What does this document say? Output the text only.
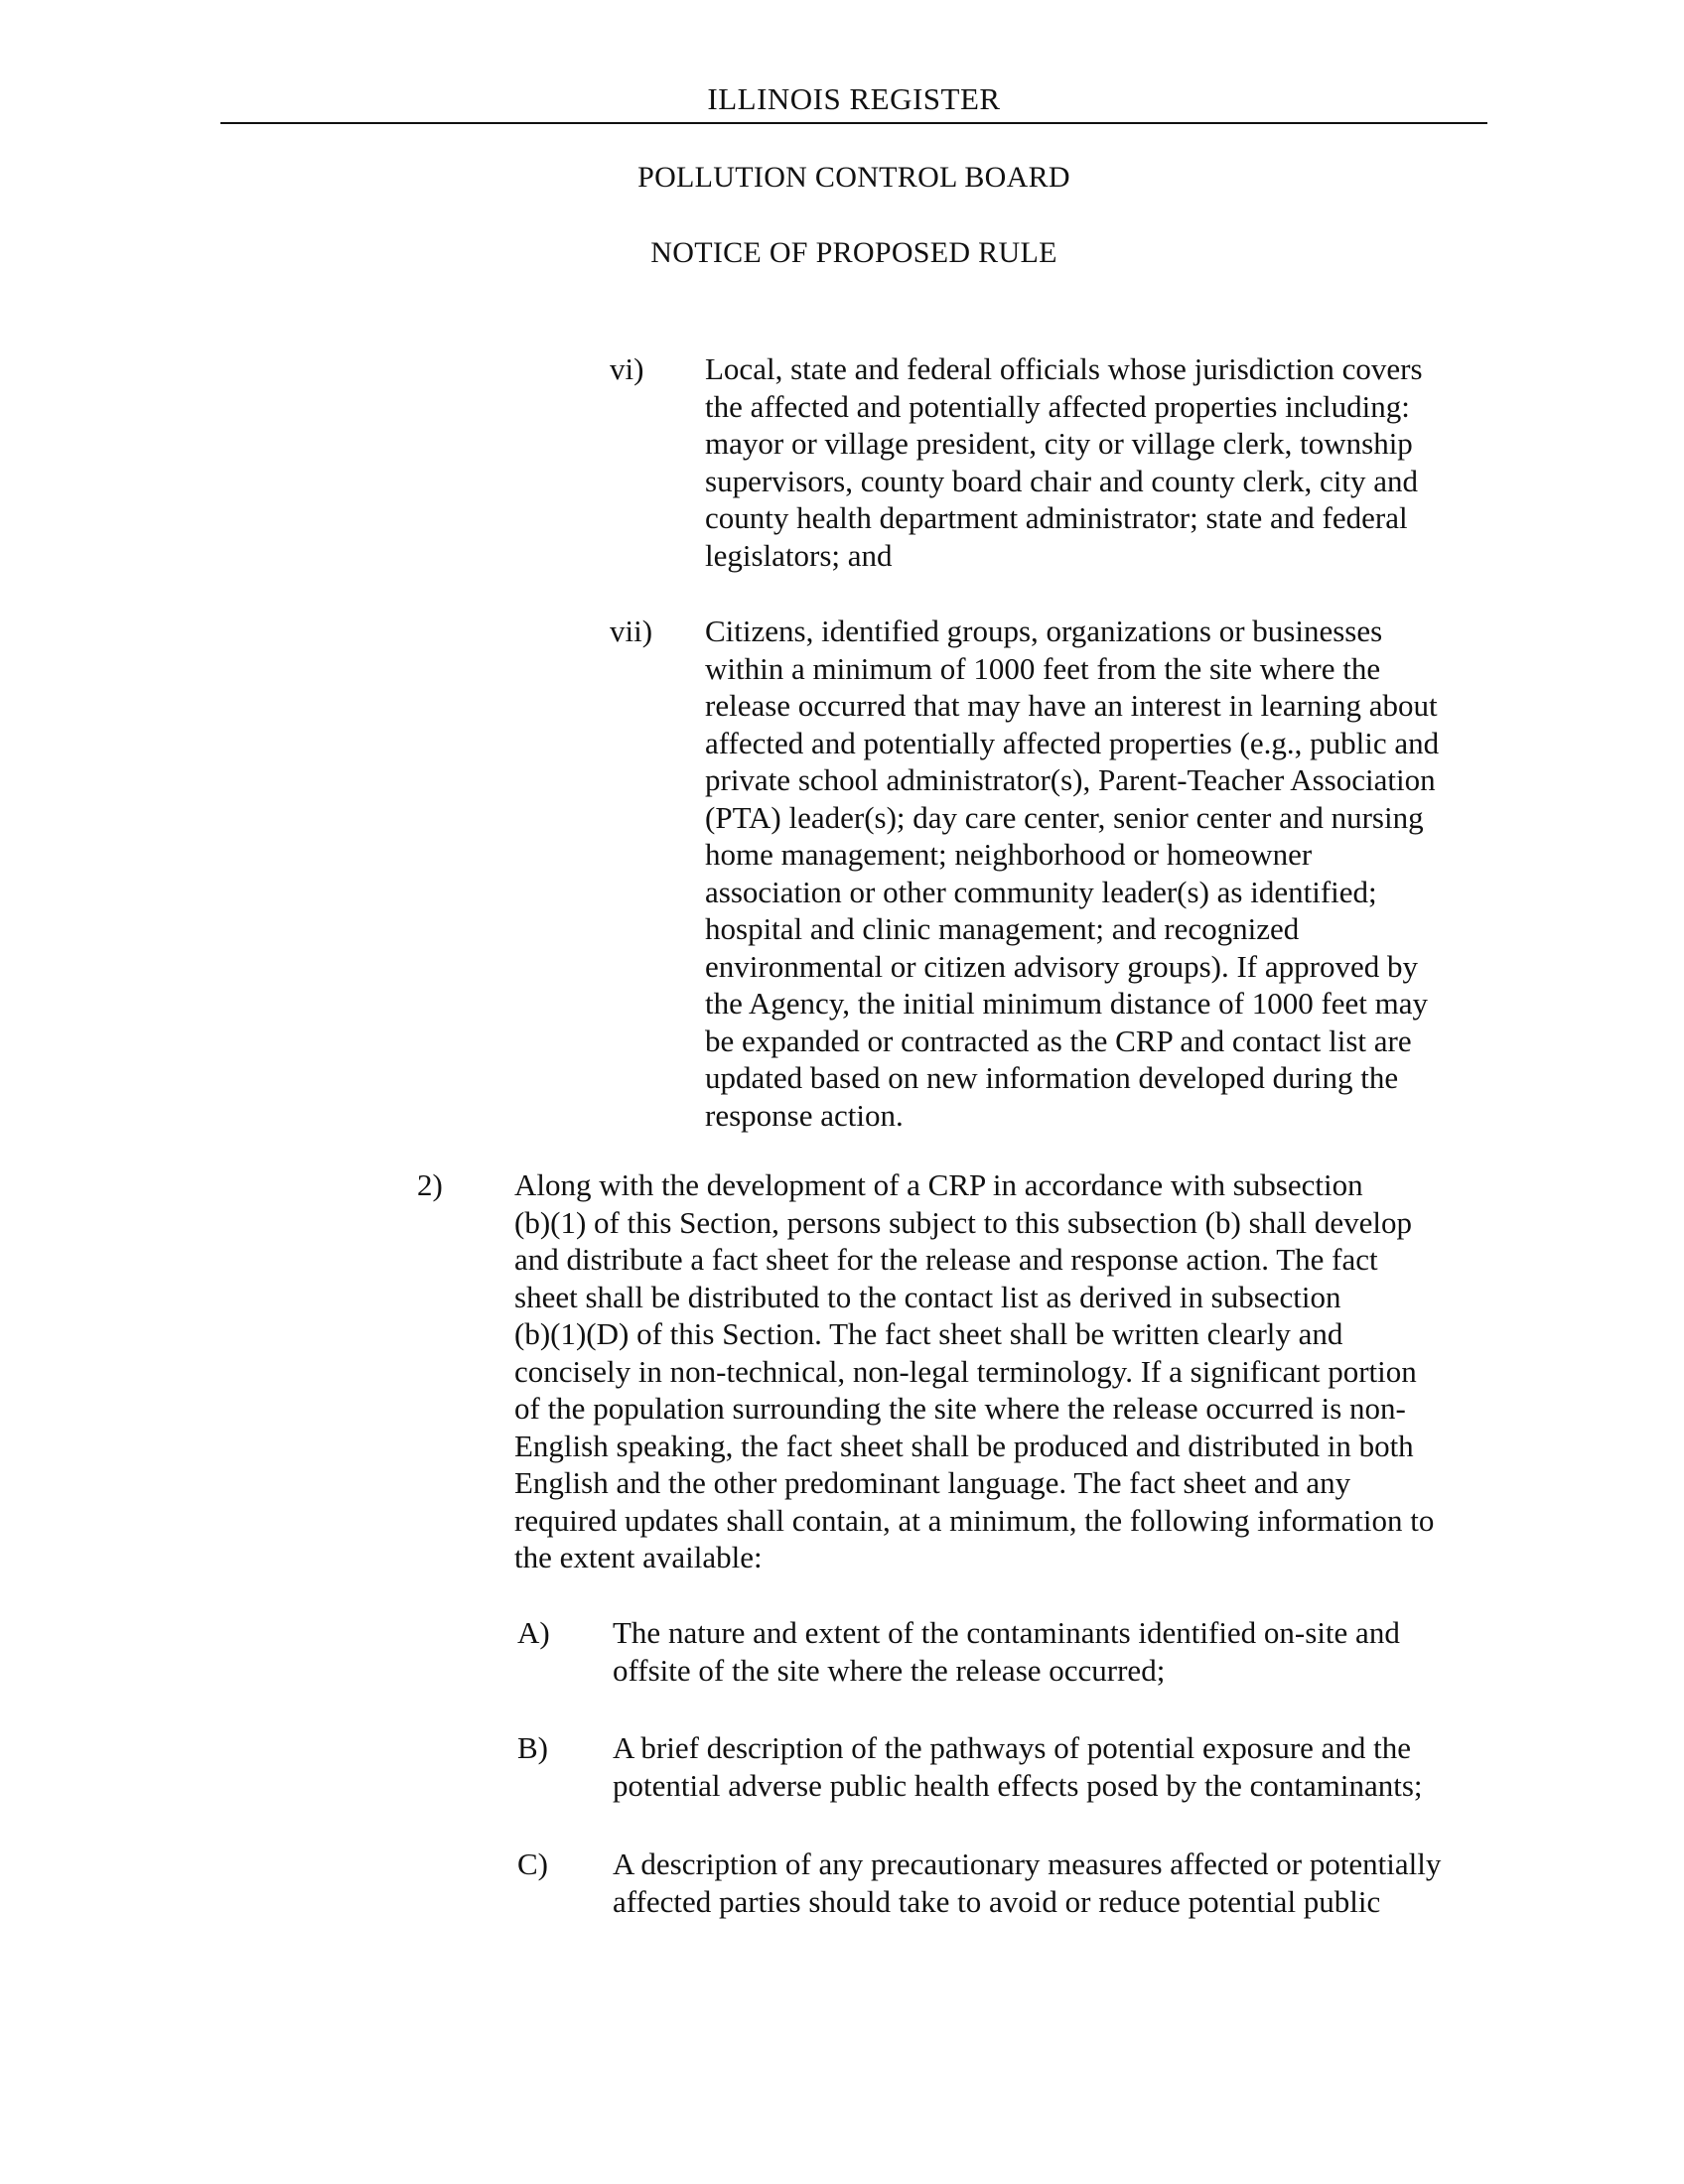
ILLINOIS REGISTER
POLLUTION CONTROL BOARD
NOTICE OF PROPOSED RULE
vi) Local, state and federal officials whose jurisdiction covers
the affected and potentially affected properties including:
mayor or village president, city or village clerk, township
supervisors, county board chair and county clerk, city and
county health department administrator; state and federal
legislators; and
vii) Citizens, identified groups, organizations or businesses
within a minimum of 1000 feet from the site where the
release occurred that may have an interest in learning about
affected and potentially affected properties (e.g., public and
private school administrator(s), Parent-Teacher Association
(PTA) leader(s); day care center, senior center and nursing
home management; neighborhood or homeowner
association or other community leader(s) as identified;
hospital and clinic management; and recognized
environmental or citizen advisory groups). If approved by
the Agency, the initial minimum distance of 1000 feet may
be expanded or contracted as the CRP and contact list are
updated based on new information developed during the
response action.
2) Along with the development of a CRP in accordance with subsection
(b)(1) of this Section, persons subject to this subsection (b) shall develop
and distribute a fact sheet for the release and response action. The fact
sheet shall be distributed to the contact list as derived in subsection
(b)(1)(D) of this Section. The fact sheet shall be written clearly and
concisely in non-technical, non-legal terminology. If a significant portion
of the population surrounding the site where the release occurred is non-
English speaking, the fact sheet shall be produced and distributed in both
English and the other predominant language. The fact sheet and any
required updates shall contain, at a minimum, the following information to
the extent available:
A) The nature and extent of the contaminants identified on-site and
offsite of the site where the release occurred;
B) A brief description of the pathways of potential exposure and the
potential adverse public health effects posed by the contaminants;
C) A description of any precautionary measures affected or potentially
affected parties should take to avoid or reduce potential public
